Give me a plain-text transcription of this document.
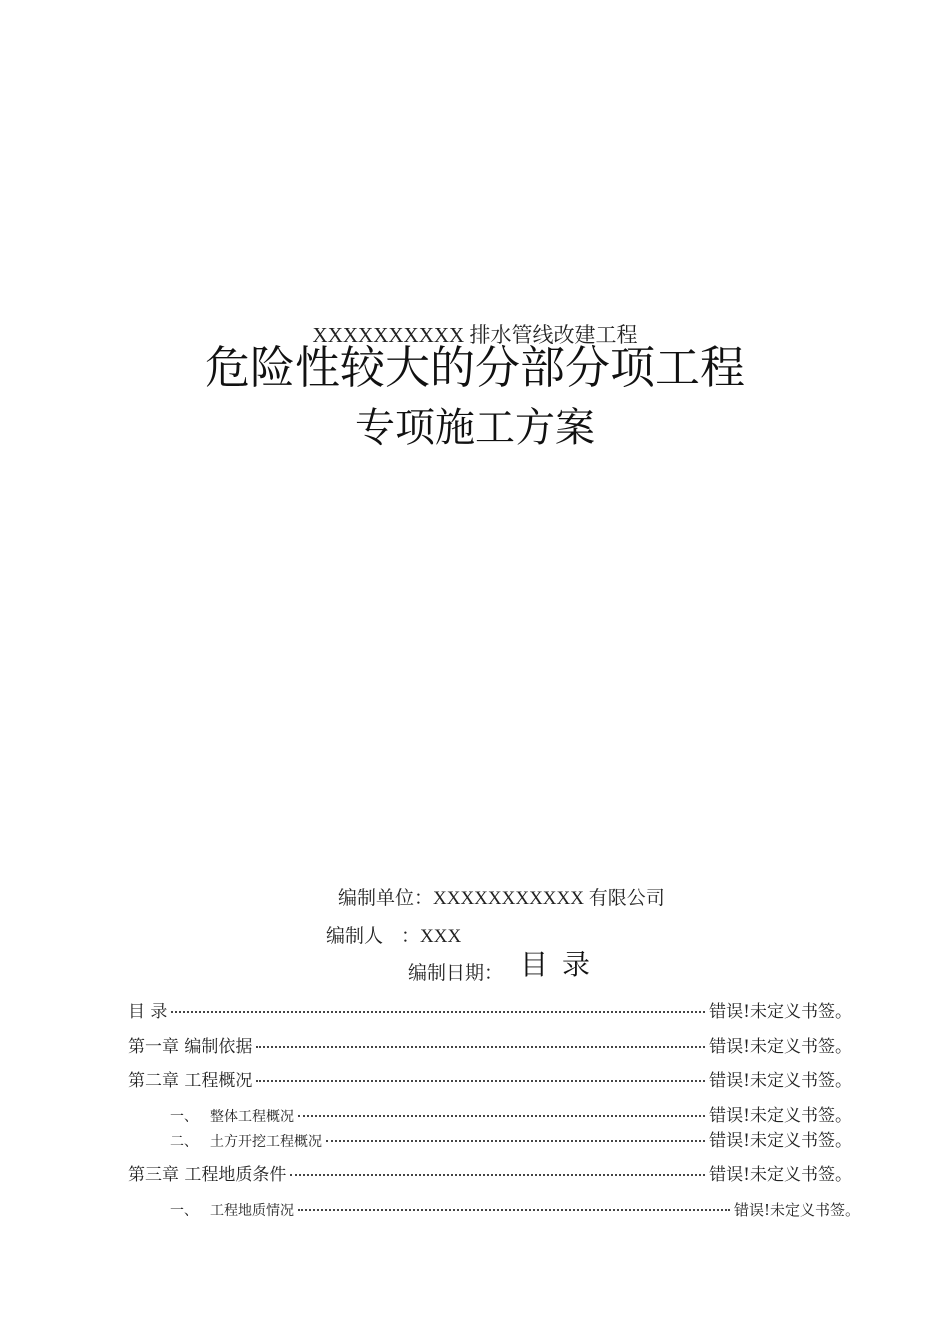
XXXXXXXXXX 排水管线改建工程
危险性较大的分部分项工程
专项施工方案
编制单位：XXXXXXXXXXX 有限公司
编制人 ：XXX
编制日期： 目录
目 录	错误!未定义书签。
第一章 编制依据	错误!未定义书签。
第二章 工程概况	错误!未定义书签。
一、 整体工程概况	错误!未定义书签。
二、 土方开挖工程概况	错误!未定义书签。
第三章 工程地质条件	错误!未定义书签。
一、 工程地质情况	错误!未定义书签。
